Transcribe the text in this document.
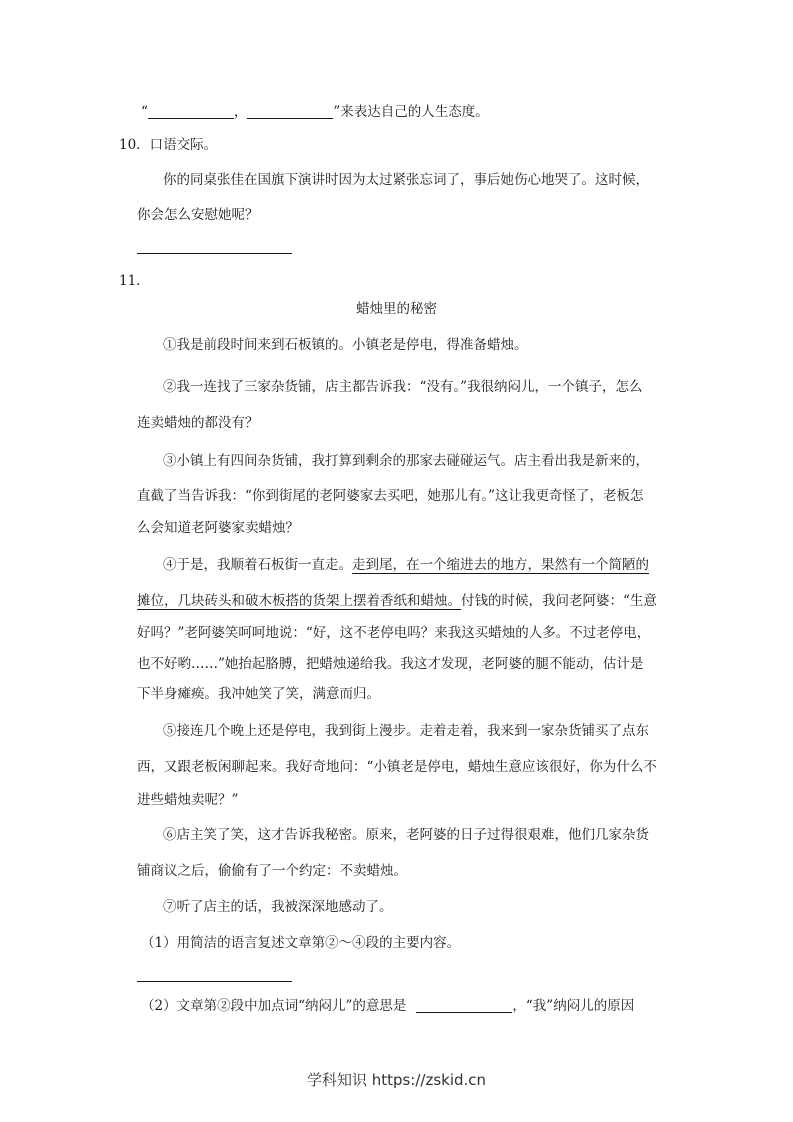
“	，	”来表达自己的人生态度。
10．口语交际。
你的同桌张佳在国旗下演讲时因为太过紧张忘词了，事后她伤心地哭了。这时候，
你会怎么安慰她呢？
11．
蜡烛里的秘密
①我是前段时间来到石板镇的。小镇老是停电，得准备蜡烛。
②我一连找了三家杂货铺，店主都告诉我：“没有。”我很纳闷儿，一个镇子，怎么
连卖蜡烛的都没有？
③小镇上有四间杂货铺，我打算到剩余的那家去碰碰运气。店主看出我是新来的，
直截了当告诉我：“你到街尾的老阿婆家去买吧，她那儿有。”这让我更奇怪了，老板怎
么会知道老阿婆家卖蜡烛？
④于是，我顺着石板街一直走。走到尾，在一个缩进去的地方，果然有一个简陋的
摊位，几块砖头和破木板搭的货架上摆着香纸和蜡烛。付钱的时候，我问老阿婆：“生意
好吗？”老阿婆笑呵呵地说：“好，这不老停电吗？来我这买蜡烛的人多。不过老停电，
也不好哟……”她抬起胳膊，把蜡烛递给我。我这才发现，老阿婆的腿不能动，估计是
下半身瘫痪。我冲她笑了笑，满意而归。
⑤接连几个晚上还是停电，我到街上漫步。走着走着，我来到一家杂货铺买了点东
西，又跟老板闲聊起来。我好奇地问：“小镇老是停电，蜡烛生意应该很好，你为什么不
进些蜡烛卖呢？”
⑥店主笑了笑，这才告诉我秘密。原来，老阿婆的日子过得很艰难，他们几家杂货
铺商议之后，偷偷有了一个约定：不卖蜡烛。
⑦听了店主的话，我被深深地感动了。
（1）用简洁的语言复述文章第②～④段的主要内容。
（2）文章第②段中加点词“纳闷儿”的意思是	，“我”纳闷儿的原因
学科知识 https://zskid.cn
